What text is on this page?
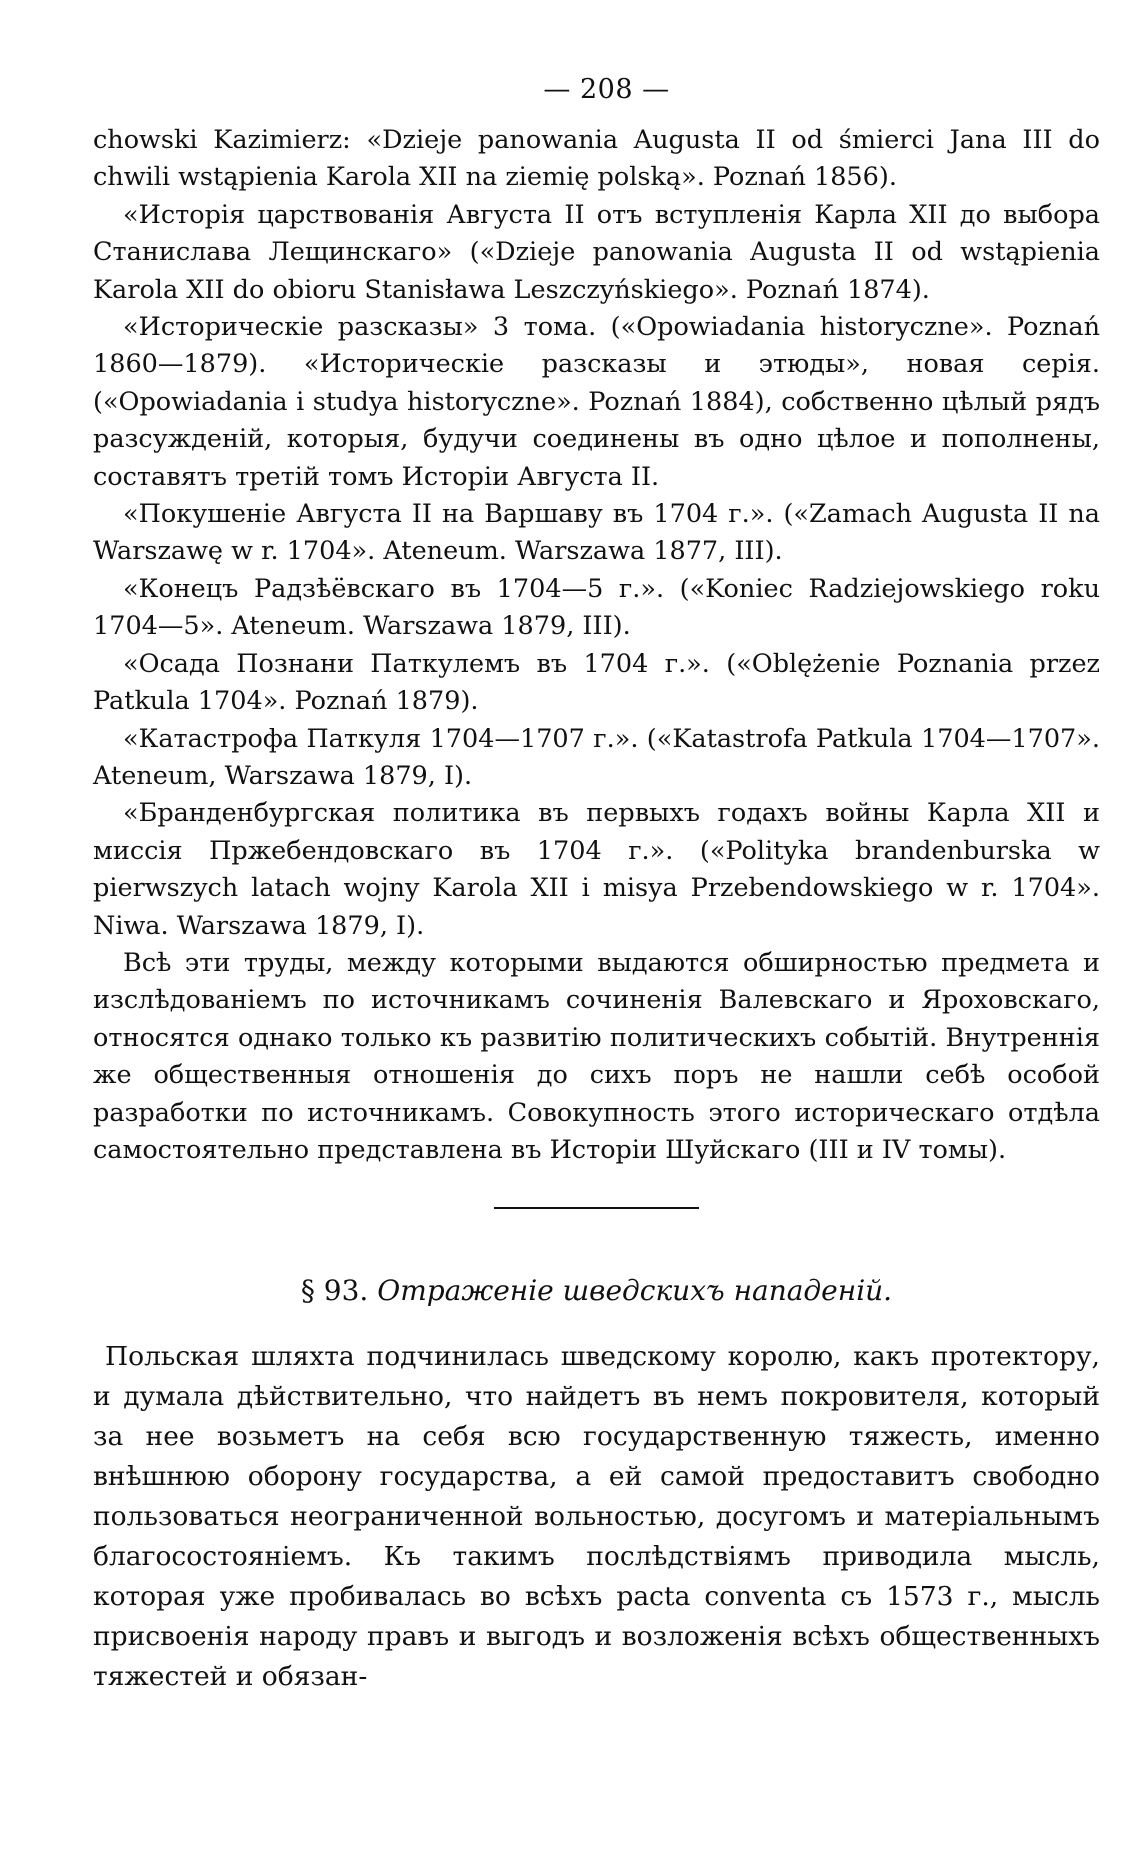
— 208 —

chowski Kazimierz: «Dzieje panowania Augusta II od śmierci Jana III do chwili wstąpienia Karola XII na ziemię polską». Poznań 1856).

«Исторія царствованія Августа II отъ вступленія Карла XII до выбора Станислава Лещинскаго» («Dzieje panowania Augusta II od wstąpienia Karola XII do obioru Stanisława Leszczyńskiego». Poznań 1874).

«Историческіе разсказы» 3 тома. («Opowiadania historyczne». Poznań 1860—1879). «Историческіе разсказы и этюды», новая серія. («Opowiadania i studya historyczne». Poznań 1884), собственно цѣлый рядъ разсужденій, которыя, будучи соединены въ одно цѣлое и пополнены, составятъ третій томъ Исторіи Августа II.

«Покушеніе Августа II на Варшаву въ 1704 г.». («Zamach Augusta II na Warszawę w r. 1704». Ateneum. Warszawa 1877, III).

«Конецъ Радзѣёвскаго въ 1704—5 г.». («Koniec Radziejowskiego roku 1704—5». Ateneum. Warszawa 1879, III).

«Осада Познани Паткулемъ въ 1704 г.». («Oblężenie Poznania przez Patkula 1704». Poznań 1879).

«Катастрофа Паткуля 1704—1707 г.». («Katastrofa Patkula 1704—1707». Ateneum, Warszawa 1879, I).

«Бранденбургская политика въ первыхъ годахъ войны Карла XII и миссія Пржебендовскаго въ 1704 г.». («Polityka brandenburska w pierwszych latach wojny Karola XII i misya Przebendowskiego w r. 1704». Niwa. Warszawa 1879, I).

Всѣ эти труды, между которыми выдаются обширностью предмета и изслѣдованіемъ по источникамъ сочиненія Валевскаго и Яроховскаго, относятся однако только къ развитію политическихъ событій. Внутреннія же общественныя отношенія до сихъ поръ не нашли себѣ особой разработки по источникамъ. Совокупность этого историческаго отдѣла самостоятельно представлена въ Исторіи Шуйскаго (III и IV томы).

§ 93. Отраженіе шведскихъ нападеній.

Польская шляхта подчинилась шведскому королю, какъ протектору, и думала дѣйствительно, что найдетъ въ немъ покровителя, который за нее возьметъ на себя всю государственную тяжесть, именно внѣшнюю оборону государства, а ей самой предоставитъ свободно пользоваться неограниченной вольностью, досугомъ и матеріальнымъ благосостояніемъ. Къ такимъ послѣдствіямъ приводила мысль, которая уже пробивалась во всѣхъ pacta conventa съ 1573 г., мысль присвоенія народу правъ и выгодъ и возложенія всѣхъ общественныхъ тяжестей и обязан-
